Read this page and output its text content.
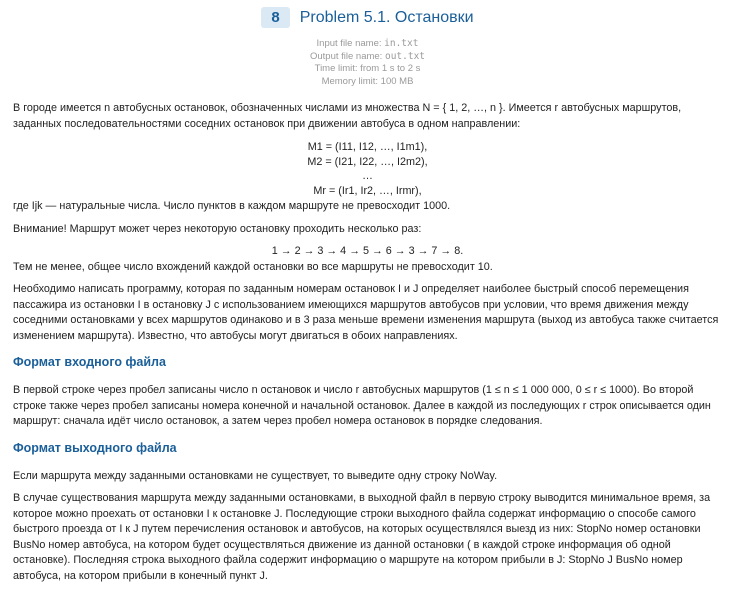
8 Problem 5.1. Остановки
Input file name: in.txt
Output file name: out.txt
Time limit: from 1 s to 2 s
Memory limit: 100 MB
В городе имеется n автобусных остановок, обозначенных числами из множества N = { 1, 2, …, n }. Имеется r автобусных маршрутов, заданных последовательностями соседних остановок при движении автобуса в одном направлении:
M1 = (I11, I12, …, I1m1),
M2 = (I21, I22, …, I2m2),
…
Mr = (Ir1, Ir2, …, Irmr),
где Ijk — натуральные числа. Число пунктов в каждом маршруте не превосходит 1000.
Внимание! Маршрут может через некоторую остановку проходить несколько раз:
1 → 2 → 3 → 4 → 5 → 6 → 3 → 7 → 8.
Тем не менее, общее число вхождений каждой остановки во все маршруты не превосходит 10.
Необходимо написать программу, которая по заданным номерам остановок I и J определяет наиболее быстрый способ перемещения пассажира из остановки I в остановку J с использованием имеющихся маршрутов автобусов при условии, что время движения между соседними остановками у всех маршрутов одинаково и в 3 раза меньше времени изменения маршрута (выход из автобуса также считается изменением маршрута). Известно, что автобусы могут двигаться в обоих направлениях.
Формат входного файла
В первой строке через пробел записаны число n остановок и число r автобусных маршрутов (1 ≤ n ≤ 1 000 000, 0 ≤ r ≤ 1000). Во второй строке также через пробел записаны номера конечной и начальной остановок. Далее в каждой из последующих r строк описывается один маршрут: сначала идёт число остановок, а затем через пробел номера остановок в порядке следования.
Формат выходного файла
Если маршрута между заданными остановками не существует, то выведите одну строку NoWay.
В случае существования маршрута между заданными остановками, в выходной файл в первую строку выводится минимальное время, за которое можно проехать от остановки I к остановке J. Последующие строки выходного файла содержат информацию о способе самого быстрого проезда от I к J путем перечисления остановок и автобусов, на которых осуществлялся выезд из них: StopNo номер остановки BusNo номер автобуса, на котором будет осуществляться движение из данной остановки ( в каждой строке информация об одной остановке). Последняя строка выходного файла содержит информацию о маршруте на котором прибыли в J: StopNo J BusNo номер автобуса, на котором прибыли в конечный пункт J.
